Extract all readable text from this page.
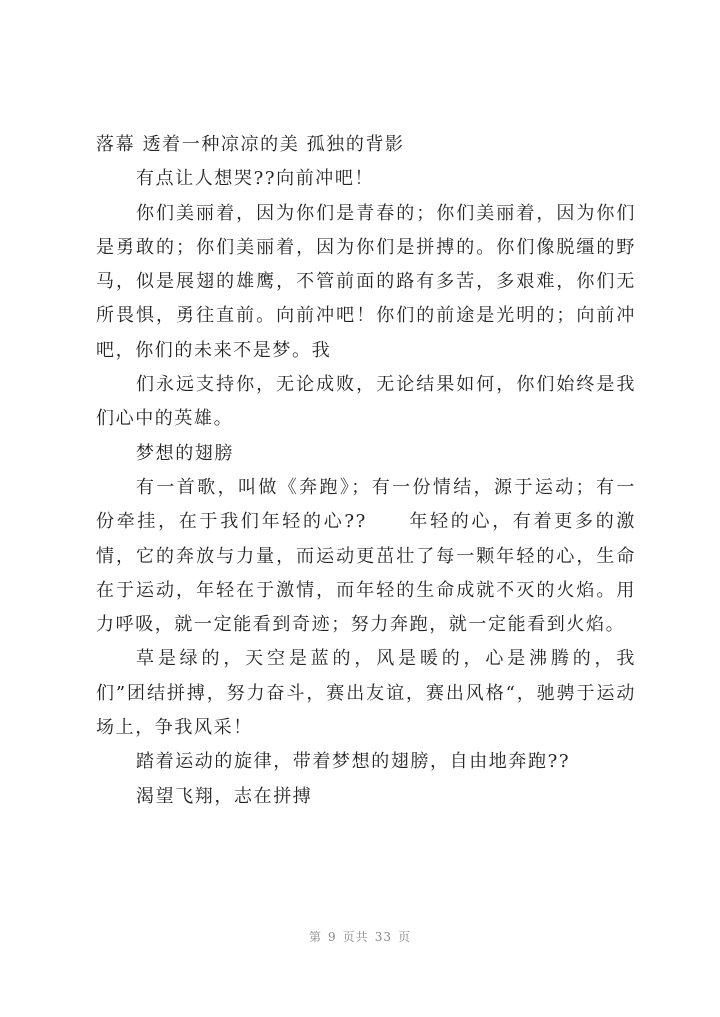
落幕 透着一种凉凉的美 孤独的背影

有点让人想哭??向前冲吧！

你们美丽着，因为你们是青春的；你们美丽着，因为你们是勇敢的；你们美丽着，因为你们是拼搏的。你们像脱缰的野马，似是展翅的雄鹰，不管前面的路有多苦，多艰难，你们无所畏惧，勇往直前。向前冲吧！你们的前途是光明的；向前冲吧，你们的未来不是梦。我

们永远支持你，无论成败，无论结果如何，你们始终是我们心中的英雄。

梦想的翅膀

有一首歌，叫做《奔跑》；有一份情结，源于运动；有一份牵挂，在于我们年轻的心??　　年轻的心，有着更多的激情，它的奔放与力量，而运动更茁壮了每一颗年轻的心，生命在于运动，年轻在于激情，而年轻的生命成就不灭的火焰。用力呼吸，就一定能看到奇迹；努力奔跑，就一定能看到火焰。

草是绿的，天空是蓝的，风是暖的，心是沸腾的，我们”团结拼搏，努力奋斗，赛出友谊，赛出风格“，驰骋于运动场上，争我风采！

踏着运动的旋律，带着梦想的翅膀，自由地奔跑??

渴望飞翔，志在拼搏

第 9 页共 33 页
